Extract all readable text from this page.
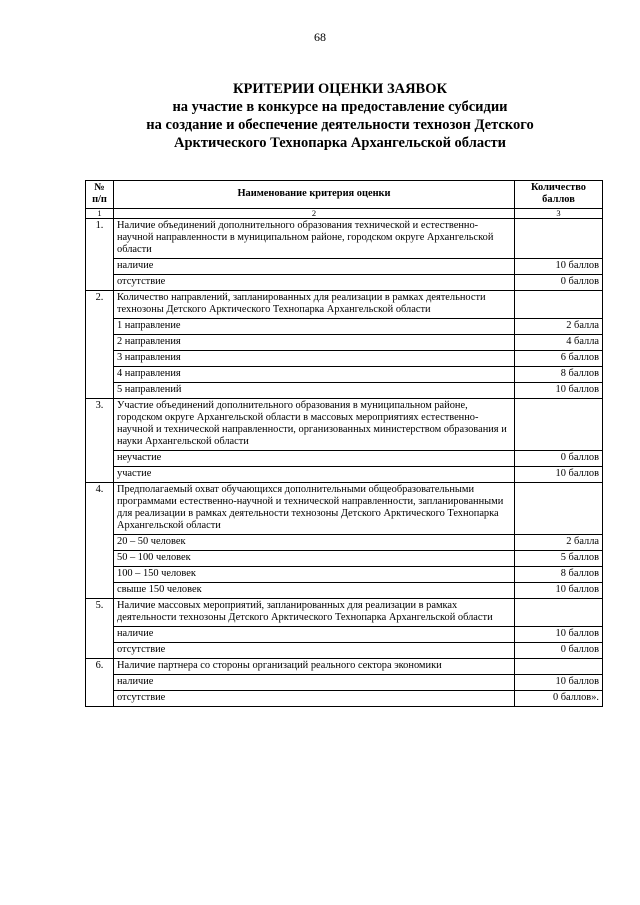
68
КРИТЕРИИ ОЦЕНКИ ЗАЯВОК
на участие в конкурсе на предоставление субсидии
на создание и обеспечение деятельности технозон Детского
Арктического Технопарка Архангельской области
№ п/п	Наименование критерия оценки	Количество баллов
1	2	3
1.	Наличие объединений дополнительного образования технической и естественно-научной направленности в муниципальном районе, городском округе Архангельской области	
	наличие	10 баллов
	отсутствие	0 баллов
2.	Количество направлений, запланированных для реализации в рамках деятельности технозоны Детского Арктического Технопарка Архангельской области	
	1 направление	2 балла
	2 направления	4 балла
	3 направления	6 баллов
	4 направления	8 баллов
	5 направлений	10 баллов
3.	Участие объединений дополнительного образования в муниципальном районе, городском округе Архангельской области в массовых мероприятиях естественно-научной и технической направленности, организованных министерством образования и науки Архангельской области	
	неучастие	0 баллов
	участие	10 баллов
4.	Предполагаемый охват обучающихся дополнительными общеобразовательными программами естественно-научной и технической направленности, запланированными для реализации в рамках деятельности технозоны Детского Арктического Технопарка Архангельской области	
	20 – 50 человек	2 балла
	50 – 100 человек	5 баллов
	100 – 150 человек	8 баллов
	свыше 150 человек	10 баллов
5.	Наличие массовых мероприятий, запланированных для реализации в рамках деятельности технозоны Детского Арктического Технопарка Архангельской области	
	наличие	10 баллов
	отсутствие	0 баллов
6.	Наличие партнера со стороны организаций реального сектора экономики	
	наличие	10 баллов
	отсутствие	0 баллов».
